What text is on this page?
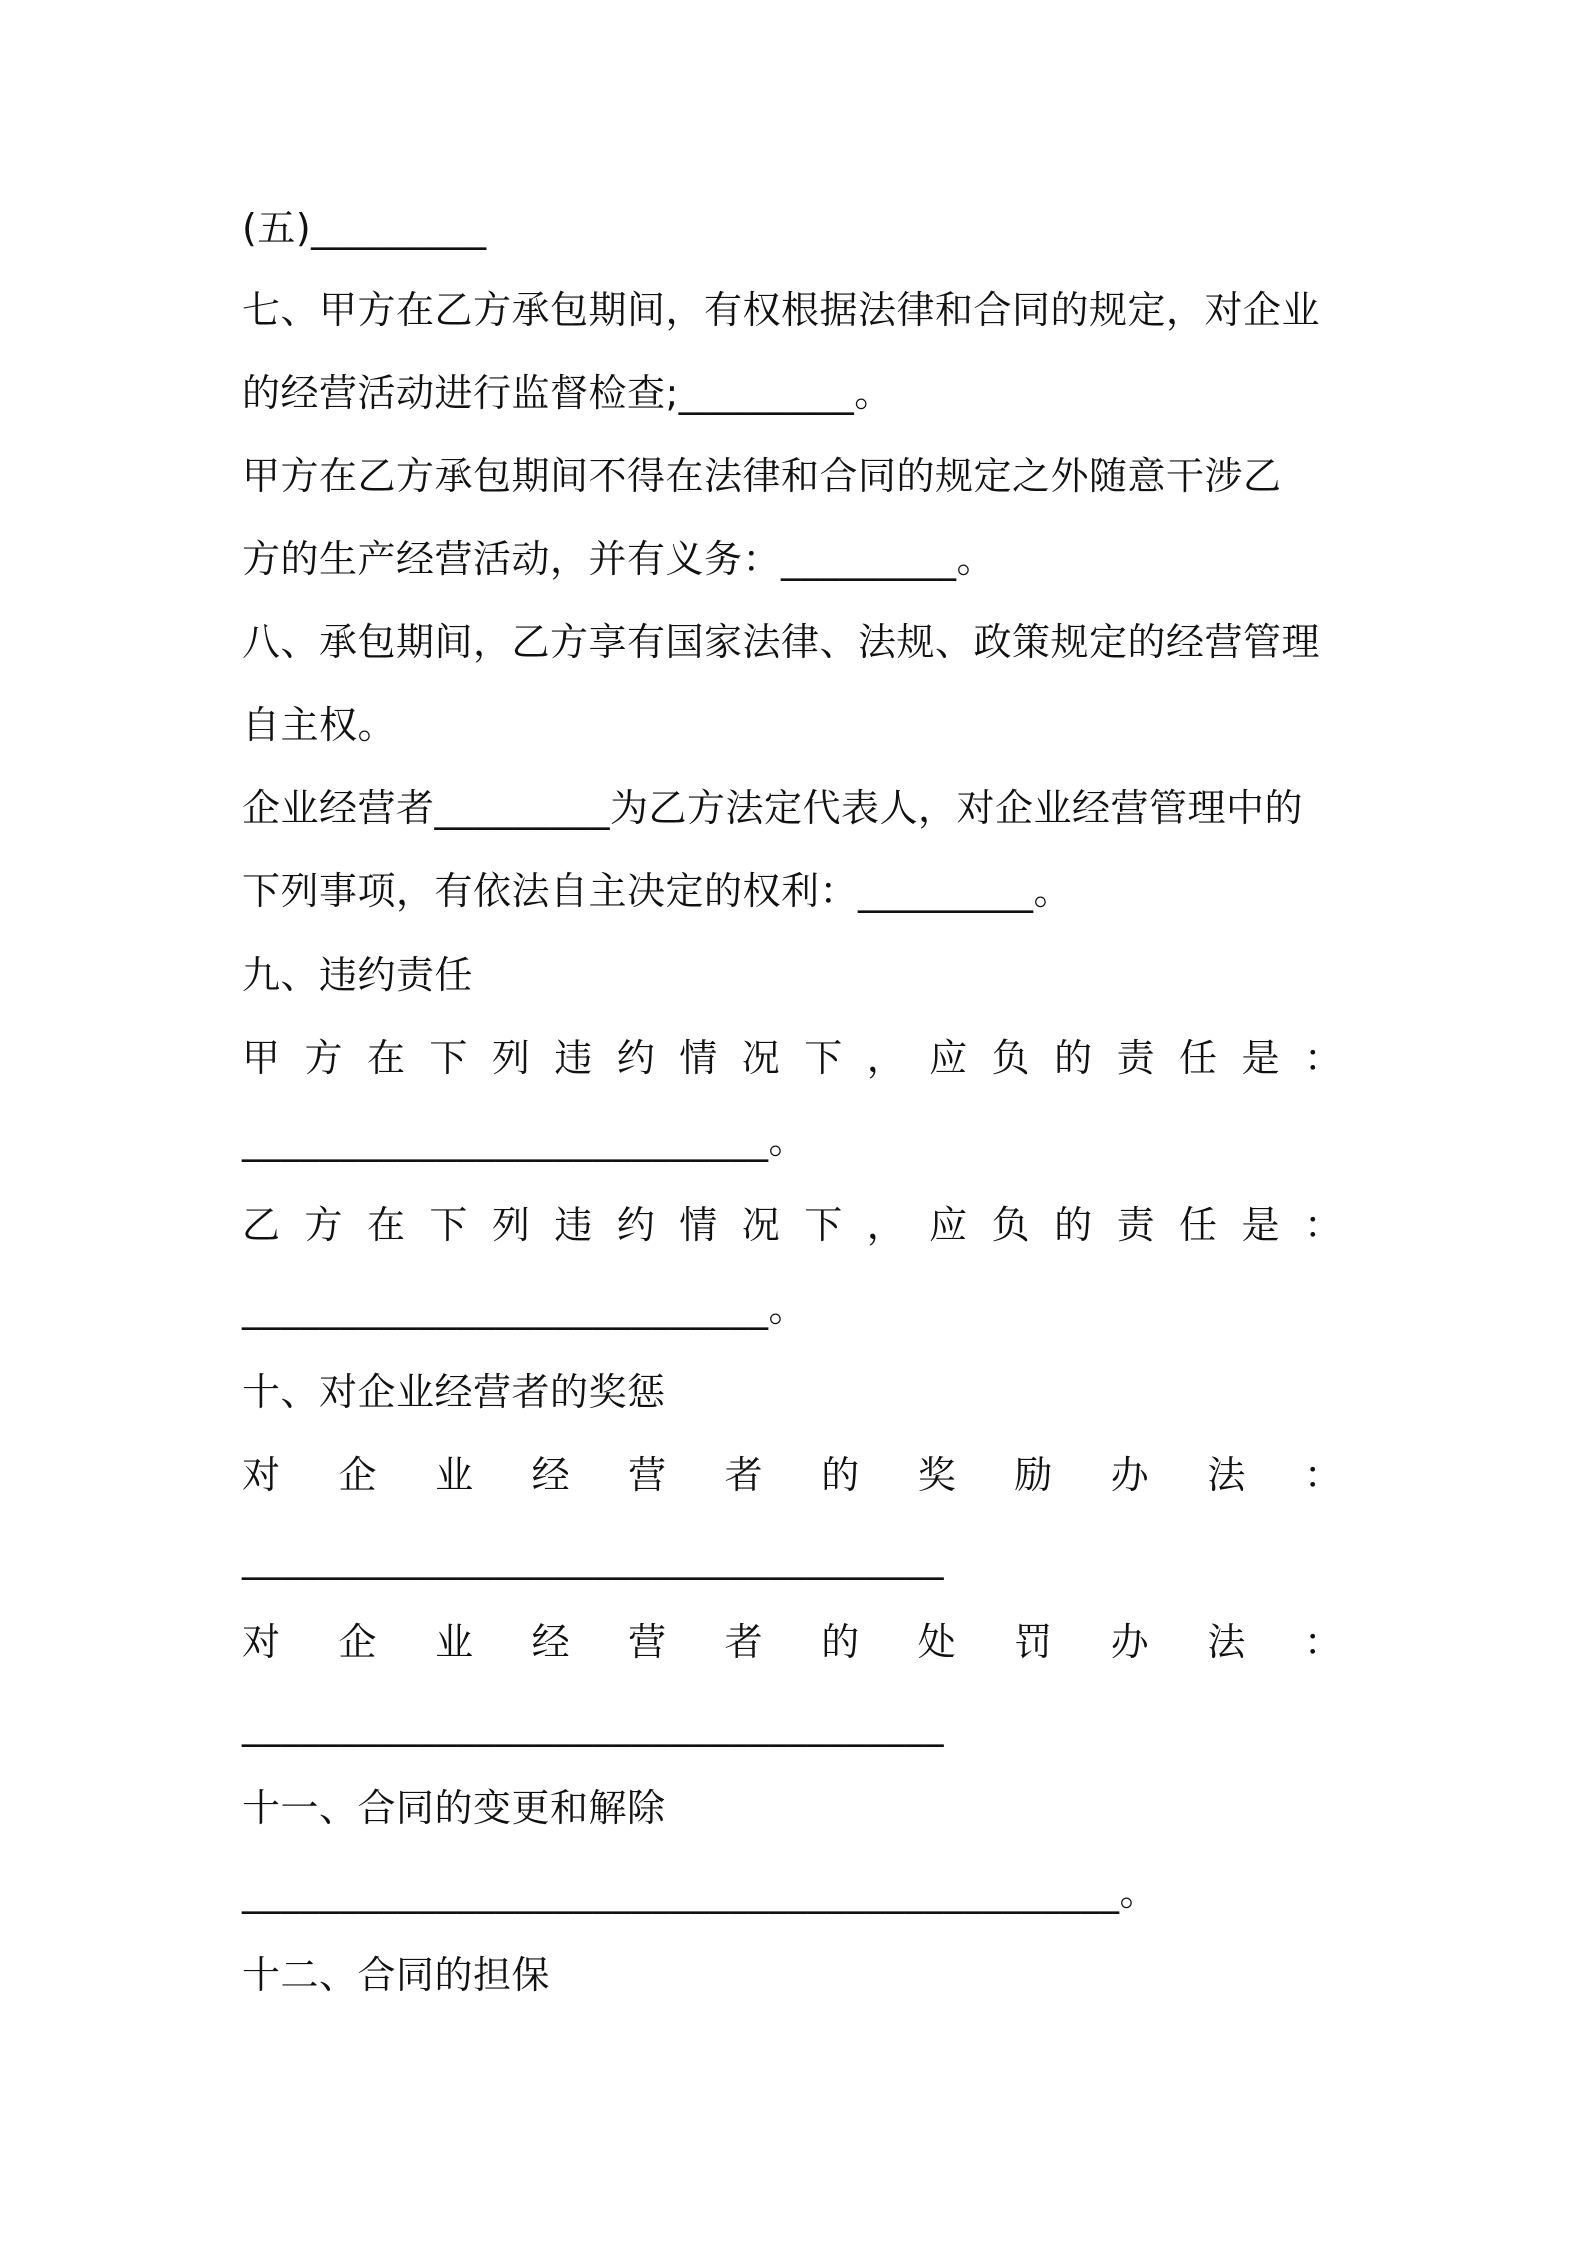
(五)_________
七、甲方在乙方承包期间，有权根据法律和合同的规定，对企业
的经营活动进行监督检查;_________。
甲方在乙方承包期间不得在法律和合同的规定之外随意干涉乙
方的生产经营活动，并有义务：_________。
八、承包期间，乙方享有国家法律、法规、政策规定的经营管理
自主权。
企业经营者_________为乙方法定代表人，对企业经营管理中的
下列事项，有依法自主决定的权利：_________。
九、违约责任
甲 方 在 下 列 违 约 情 况 下 ， 应 负 的 责 任 是 ：
___________________________。
乙 方 在 下 列 违 约 情 况 下 ， 应 负 的 责 任 是 ：
___________________________。
十、对企业经营者的奖惩
对 企 业 经 营 者 的 奖 励 办 法 ：
____________________________________
对 企 业 经 营 者 的 处 罚 办 法 ：
____________________________________
十一、合同的变更和解除
_____________________________________________。
十二、合同的担保
